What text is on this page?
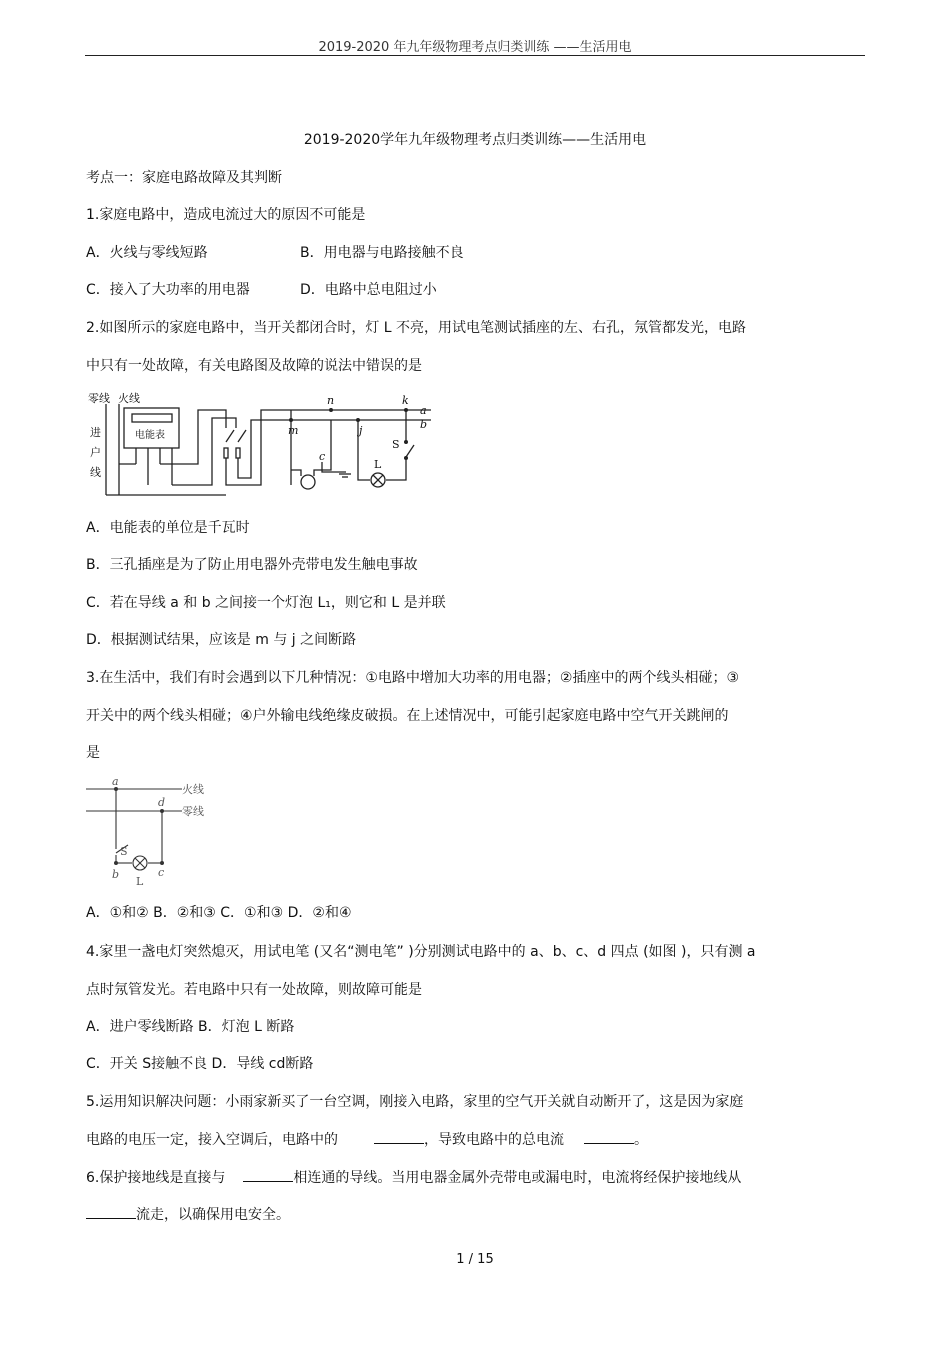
2019-2020 年九年级物理考点归类训练 ——生活用电
2019-2020学年九年级物理考点归类训练——生活用电
考点一：家庭电路故障及其判断
1.家庭电路中，造成电流过大的原因不可能是
A．火线与零线短路	B．用电器与电路接触不良
C．接入了大功率的用电器	D．电路中总电阻过小
2.如图所示的家庭电路中，当开关都闭合时，灯 L 不亮，用试电笔测试插座的左、右孔，氖管都发光，电路
中只有一处故障，有关电路图及故障的说法中错误的是
零线 火线
进
户
线
电能表
n	k
a
b
m	j
c
S
L
A．电能表的单位是千瓦时
B．三孔插座是为了防止用电器外壳带电发生触电事故
C．若在导线 a 和 b 之间接一个灯泡 L₁，则它和 L 是并联
D．根据测试结果，应该是 m 与 j 之间断路
3.在生活中，我们有时会遇到以下几种情况：①电路中增加大功率的用电器；②插座中的两个线头相碰；③
开关中的两个线头相碰；④户外输电线绝缘皮破损。在上述情况中，可能引起家庭电路中空气开关跳闸的
是
火线
零线
a
d
S
b	c
L
A．①和② B．②和③ C．①和③ D．②和④
4.家里一盏电灯突然熄灭，用试电笔 (又名“测电笔” )分别测试电路中的 a、b、c、d 四点 (如图 )，只有测 a
点时氖管发光。若电路中只有一处故障，则故障可能是
A．进户零线断路 B．灯泡 L 断路
C．开关 S接触不良 D．导线 cd断路
5.运用知识解决问题：小雨家新买了一台空调，刚接入电路，家里的空气开关就自动断开了，这是因为家庭
电路的电压一定，接入空调后，电路中的	，导致电路中的总电流	。
6.保护接地线是直接与	相连通的导线。当用电器金属外壳带电或漏电时，电流将经保护接地线从
流走，以确保用电安全。
1 / 15
